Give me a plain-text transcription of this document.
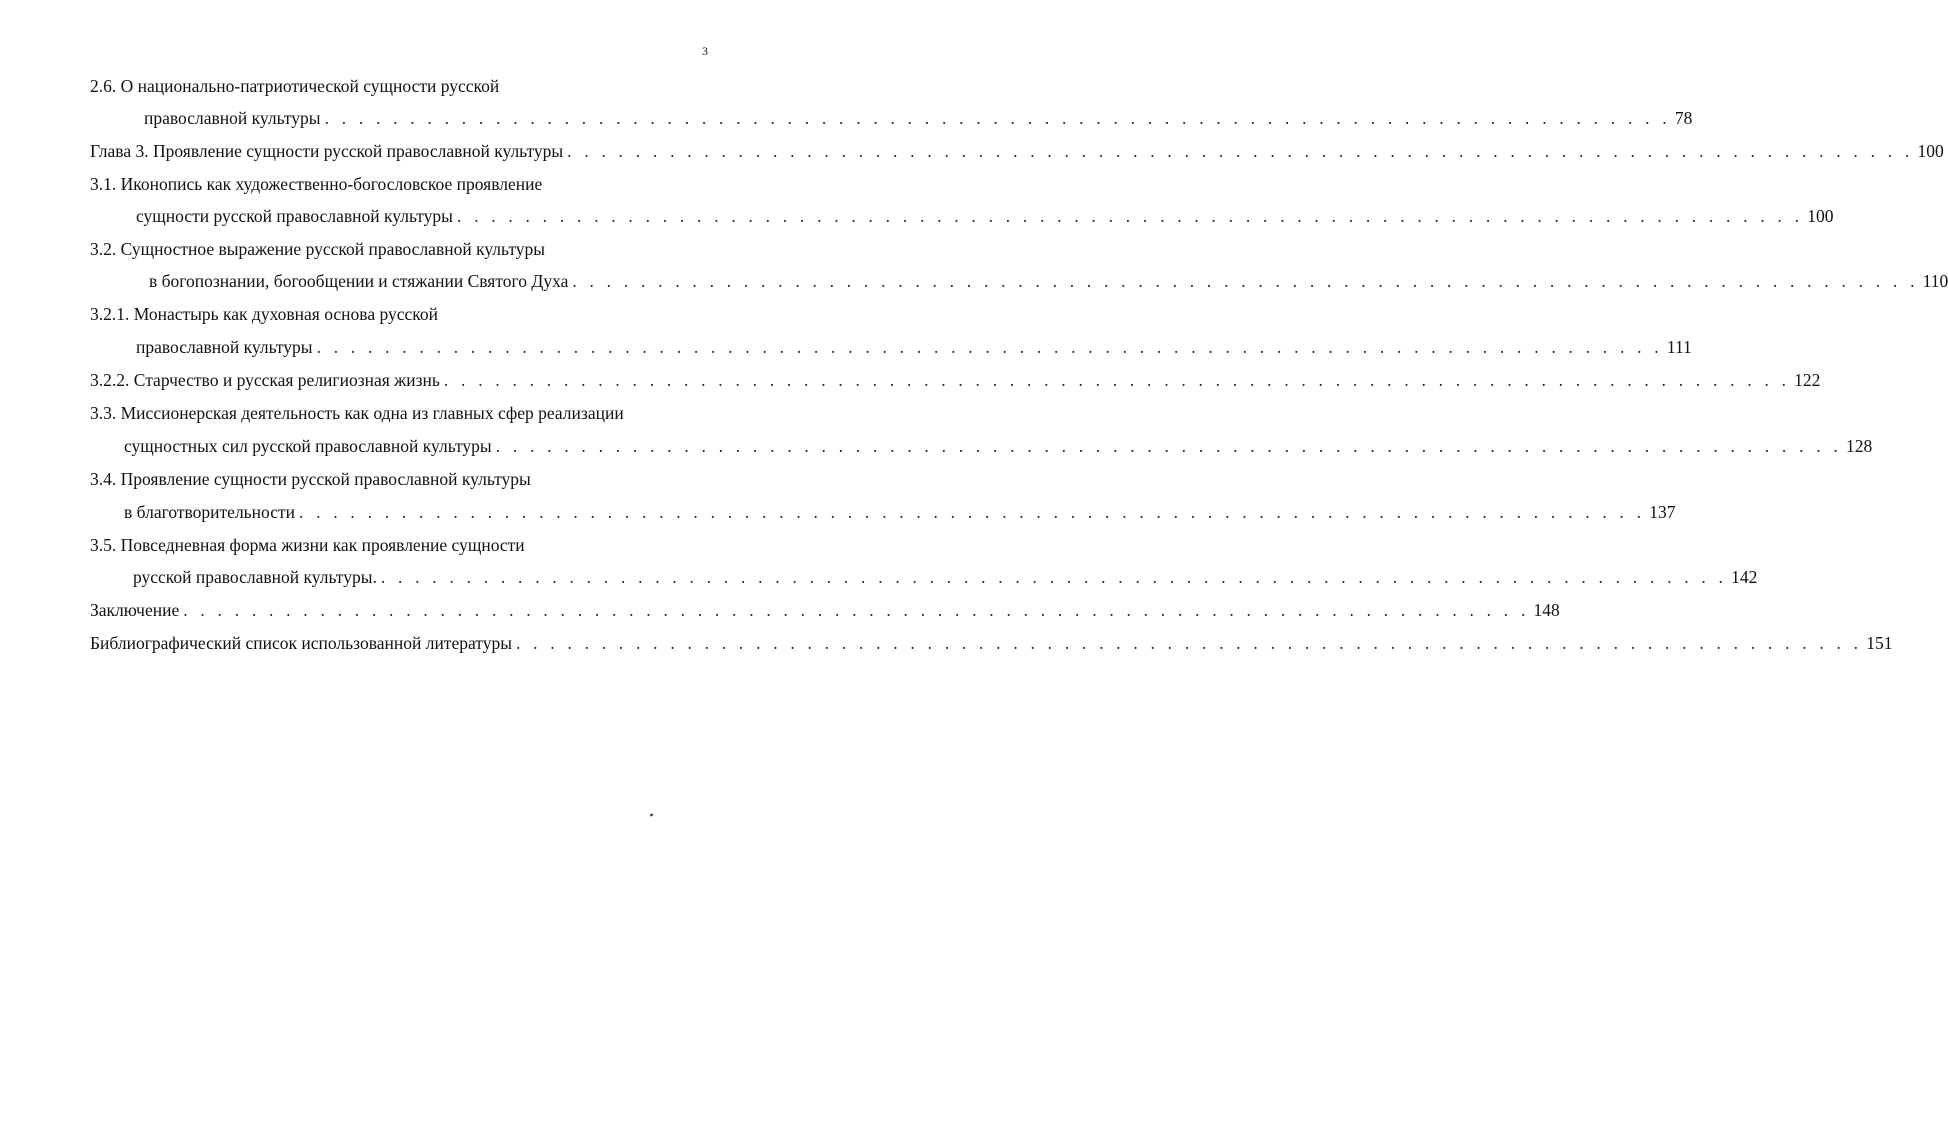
3
2.6. О национально-патриотической сущности русской
православной культуры . . . . . . . . . . . . . . . . . . . . . . . . . . . . . . . . . . . . . . . . . . . . . . . . . . . . . . . . . . . . . . . . . . . . . . . . . . . . . . . 78
Глава 3. Проявление сущности русской православной культуры . . . . . . . . . . . . . . . . . . . . . . . . . . . . . . . . . . . . . . . . . . . . . . . . . . . . . . . . . . . . . . . . . . . . . . . . . . . . . . . 100
3.1. Иконопись как художественно-богословское проявление
сущности русской православной культуры . . . . . . . . . . . . . . . . . . . . . . . . . . . . . . . . . . . . . . . . . . . . . . . . . . . . . . . . . . . . . . . . . . . . . . . . . . . . . . . 100
3.2. Сущностное выражение русской православной культуры
в богопознании, богообщении и стяжании Святого Духа . . . . . . . . . . . . . . . . . . . . . . . . . . . . . . . . . . . . . . . . . . . . . . . . . . . . . . . . . . . . . . . . . . . . . . . . . . . . . . . 110
3.2.1. Монастырь как духовная основа русской
православной культуры . . . . . . . . . . . . . . . . . . . . . . . . . . . . . . . . . . . . . . . . . . . . . . . . . . . . . . . . . . . . . . . . . . . . . . . . . . . . . . . 111
3.2.2. Старчество и русская религиозная жизнь . . . . . . . . . . . . . . . . . . . . . . . . . . . . . . . . . . . . . . . . . . . . . . . . . . . . . . . . . . . . . . . . . . . . . . . . . . . . . . . 122
3.3. Миссионерская деятельность как одна из главных сфер реализации
сущностных сил русской православной культуры . . . . . . . . . . . . . . . . . . . . . . . . . . . . . . . . . . . . . . . . . . . . . . . . . . . . . . . . . . . . . . . . . . . . . . . . . . . . . . . 128
3.4. Проявление сущности русской православной культуры
в благотворительности . . . . . . . . . . . . . . . . . . . . . . . . . . . . . . . . . . . . . . . . . . . . . . . . . . . . . . . . . . . . . . . . . . . . . . . . . . . . . . . 137
3.5. Повседневная форма жизни как проявление сущности
русской православной культуры. . . . . . . . . . . . . . . . . . . . . . . . . . . . . . . . . . . . . . . . . . . . . . . . . . . . . . . . . . . . . . . . . . . . . . . . . . . . . . . . 142
Заключение . . . . . . . . . . . . . . . . . . . . . . . . . . . . . . . . . . . . . . . . . . . . . . . . . . . . . . . . . . . . . . . . . . . . . . . . . . . . . . . 148
Библиографический список использованной литературы . . . . . . . . . . . . . . . . . . . . . . . . . . . . . . . . . . . . . . . . . . . . . . . . . . . . . . . . . . . . . . . . . . . . . . . . . . . . . . . 151
